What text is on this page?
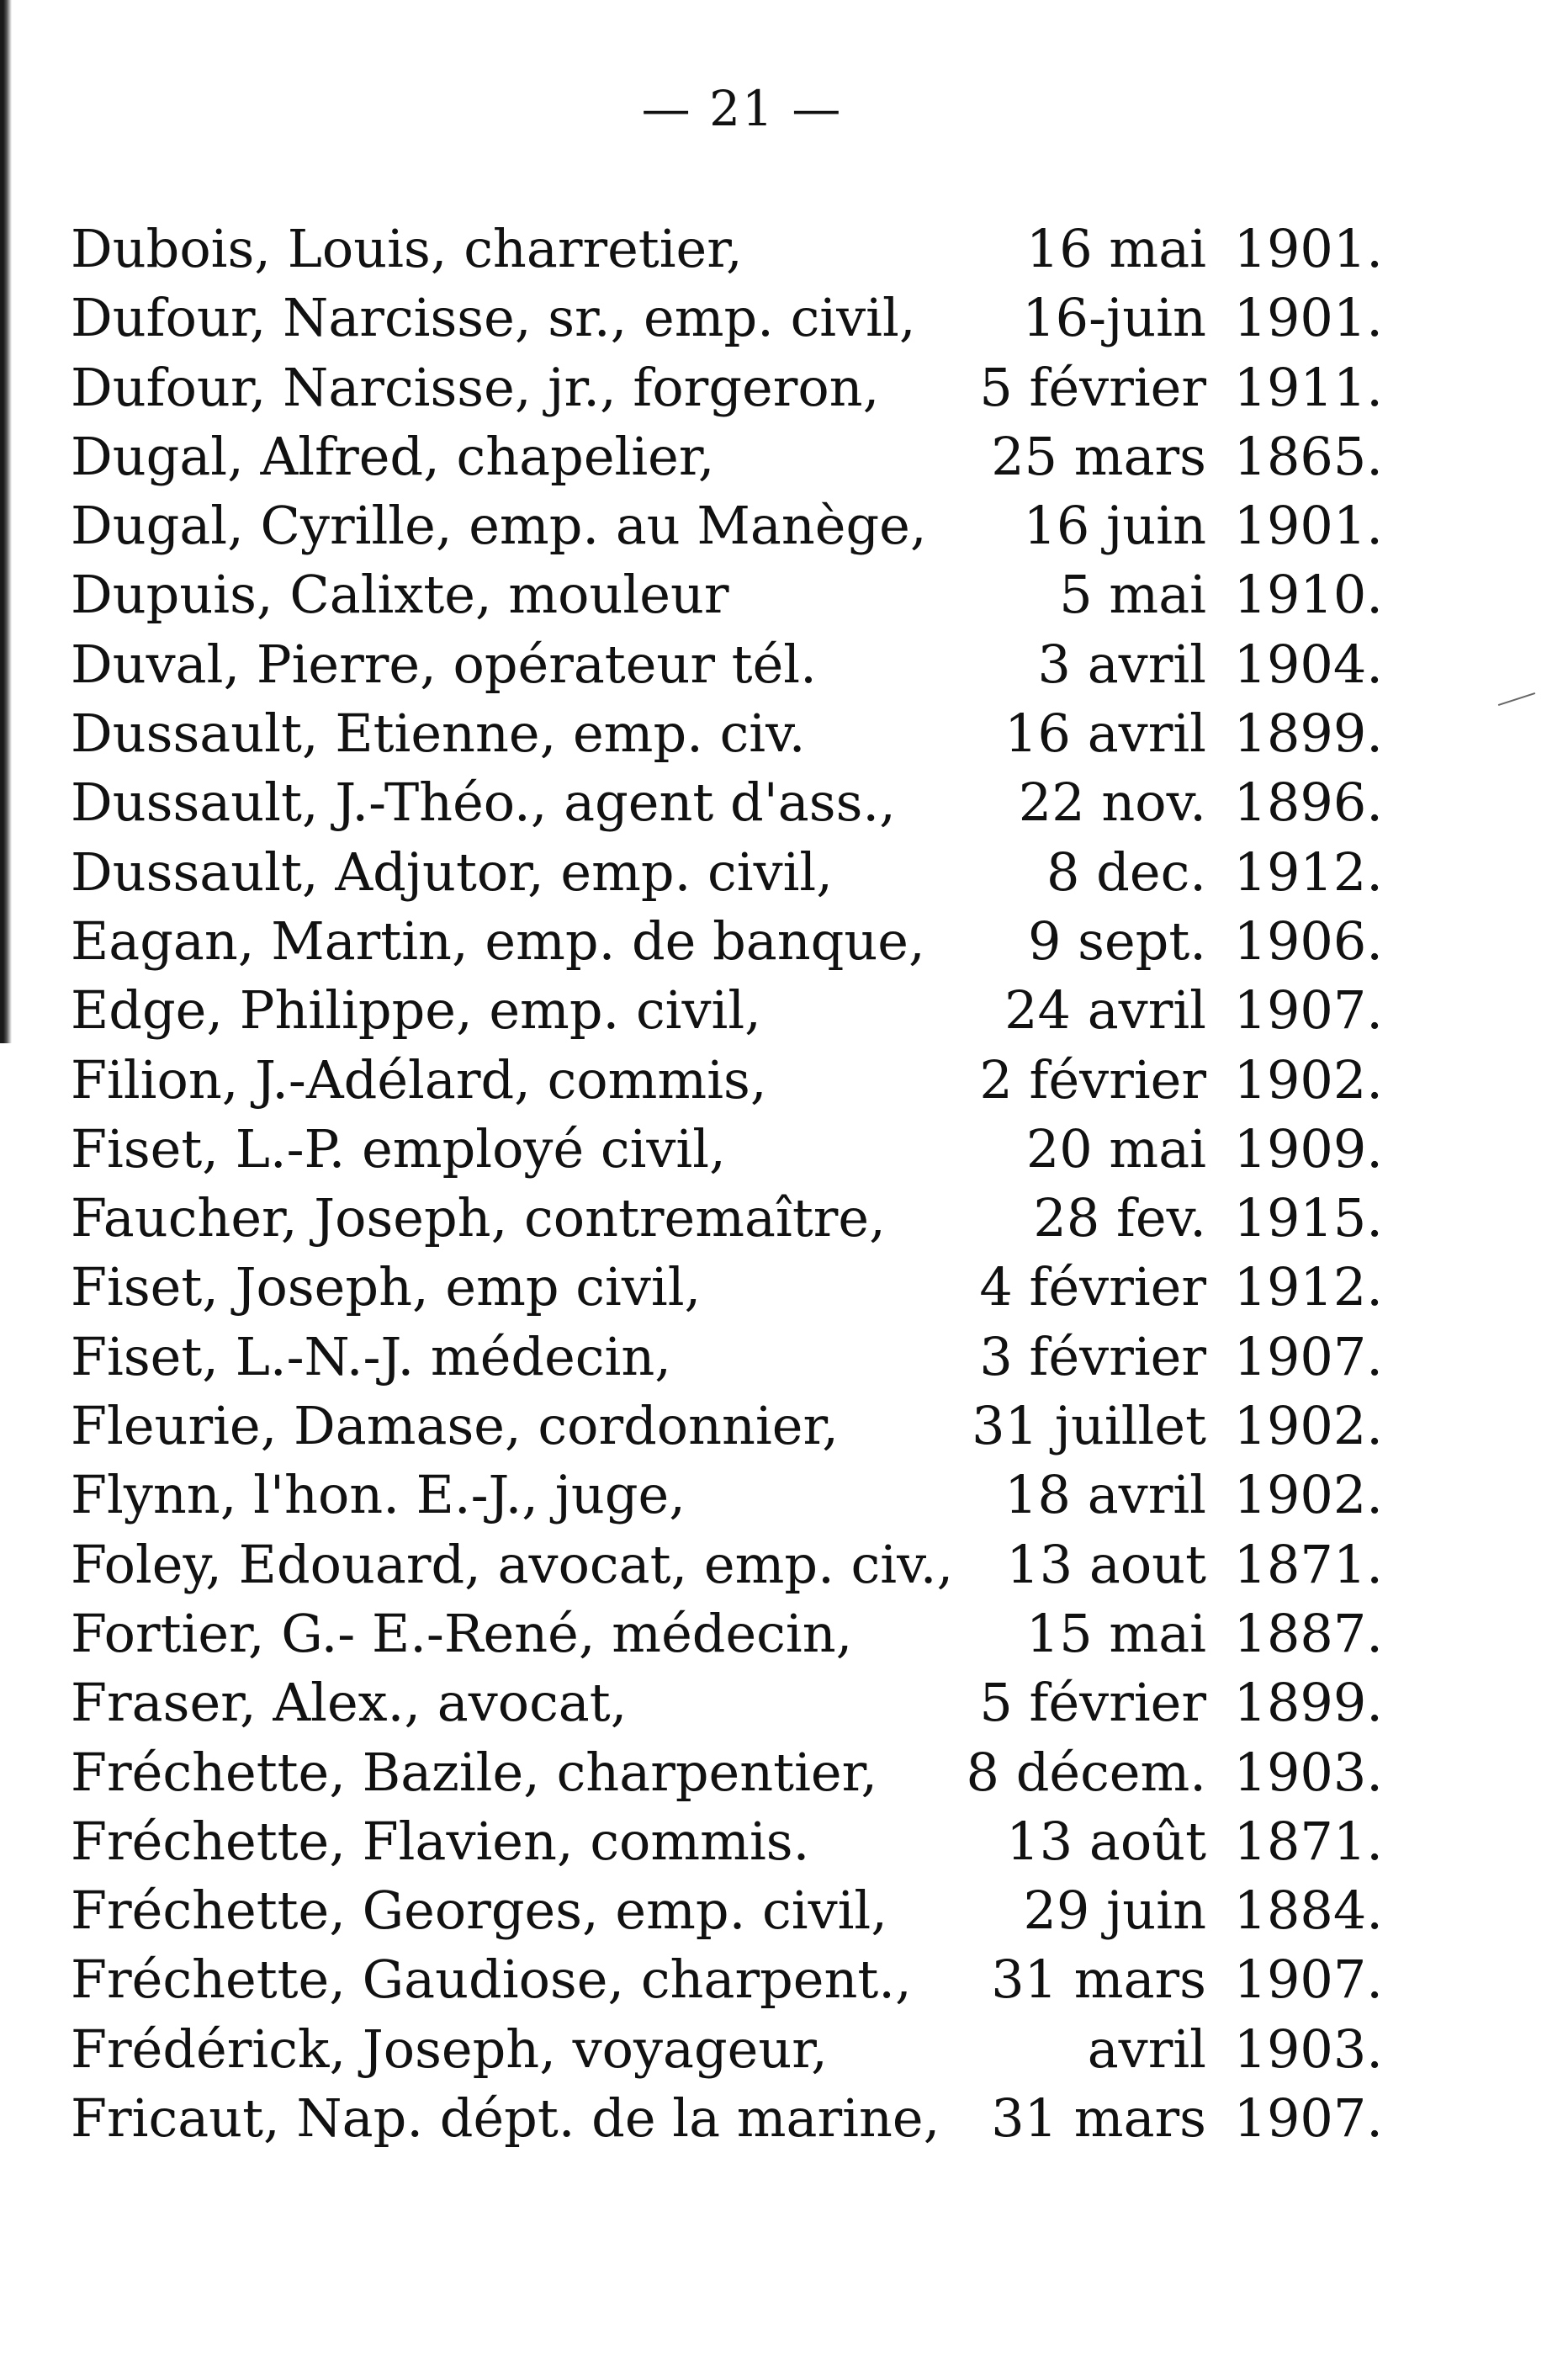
— 21 —
Dubois, Louis, charretier,	16 mai 1901.
Dufour, Narcisse, sr., emp. civil,	16-juin 1901.
Dufour, Narcisse, jr., forgeron,	5 février 1911.
Dugal, Alfred, chapelier,	25 mars 1865.
Dugal, Cyrille, emp. au Manège,	16 juin 1901.
Dupuis, Calixte, mouleur	5 mai 1910.
Duval, Pierre, opérateur tél.	3 avril 1904.
Dussault, Etienne, emp. civ.	16 avril 1899.
Dussault, J.-Théo., agent d'ass.,	22 nov. 1896.
Dussault, Adjutor, emp. civil,	8 dec. 1912.
Eagan, Martin, emp. de banque,	9 sept. 1906.
Edge, Philippe, emp. civil,	24 avril 1907.
Filion, J.-Adélard, commis,	2 février 1902.
Fiset, L.-P. employé civil,	20 mai 1909.
Faucher, Joseph, contremaître,	28 fev. 1915.
Fiset, Joseph, emp civil,	4 février 1912.
Fiset, L.-N.-J. médecin,	3 février 1907.
Fleurie, Damase, cordonnier,	31 juillet 1902.
Flynn, l'hon. E.-J., juge,	18 avril 1902.
Foley, Edouard, avocat, emp. civ.,	13 aout 1871.
Fortier, G.- E.-René, médecin,	15 mai 1887.
Fraser, Alex., avocat,	5 février 1899.
Fréchette, Bazile, charpentier,	8 décem. 1903.
Fréchette, Flavien, commis.	13 août 1871.
Fréchette, Georges, emp. civil,	29 juin 1884.
Fréchette, Gaudiose, charpent.,	31 mars 1907.
Frédérick, Joseph, voyageur,	avril 1903.
Fricaut, Nap. dépt. de la marine, 31 mars 1907.
